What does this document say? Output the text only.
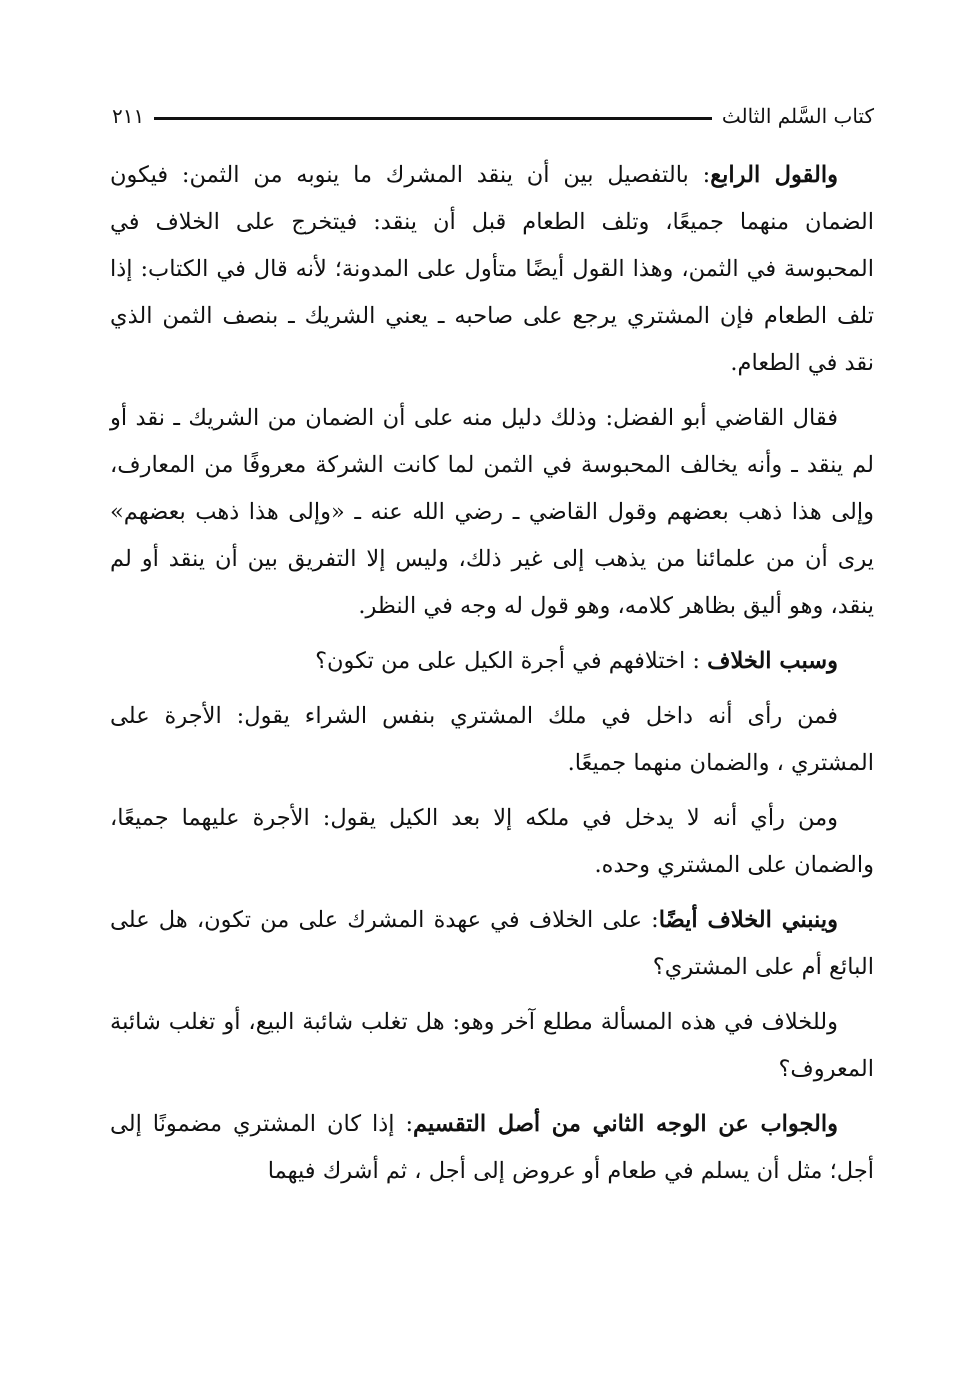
كتاب السَّلم الثالث
٢١١

والقول الرابع: بالتفصيل بين أن ينقد المشرك ما ينوبه من الثمن: فيكون الضمان منهما جميعًا، وتلف الطعام قبل أن ينقد: فيتخرج على الخلاف في المحبوسة في الثمن، وهذا القول أيضًا متأول على المدونة؛ لأنه قال في الكتاب: إذا تلف الطعام فإن المشتري يرجع على صاحبه ـ يعني الشريك ـ بنصف الثمن الذي نقد في الطعام.

فقال القاضي أبو الفضل: وذلك دليل منه على أن الضمان من الشريك ـ نقد أو لم ينقد ـ وأنه يخالف المحبوسة في الثمن لما كانت الشركة معروفًا من المعارف، وإلى هذا ذهب بعضهم وقول القاضي ـ رضي الله عنه ـ «وإلى هذا ذهب بعضهم» يرى أن من علمائنا من يذهب إلى غير ذلك، وليس إلا التفريق بين أن ينقد أو لم ينقد، وهو أليق بظاهر كلامه، وهو قول له وجه في النظر.

وسبب الخلاف : اختلافهم في أجرة الكيل على من تكون؟

فمن رأى أنه داخل في ملك المشتري بنفس الشراء يقول: الأجرة على المشتري ، والضمان منهما جميعًا.

ومن رأي أنه لا يدخل في ملكه إلا بعد الكيل يقول: الأجرة عليهما جميعًا، والضمان على المشتري وحده.

وينبني الخلاف أيضًا: على الخلاف في عهدة المشرك على من تكون، هل على البائع أم على المشتري؟

وللخلاف في هذه المسألة مطلع آخر وهو: هل تغلب شائبة البيع، أو تغلب شائبة المعروف؟

والجواب عن الوجه الثاني من أصل التقسيم: إذا كان المشتري مضمونًا إلى أجل؛ مثل أن يسلم في طعام أو عروض إلى أجل ، ثم أشرك فيهما
